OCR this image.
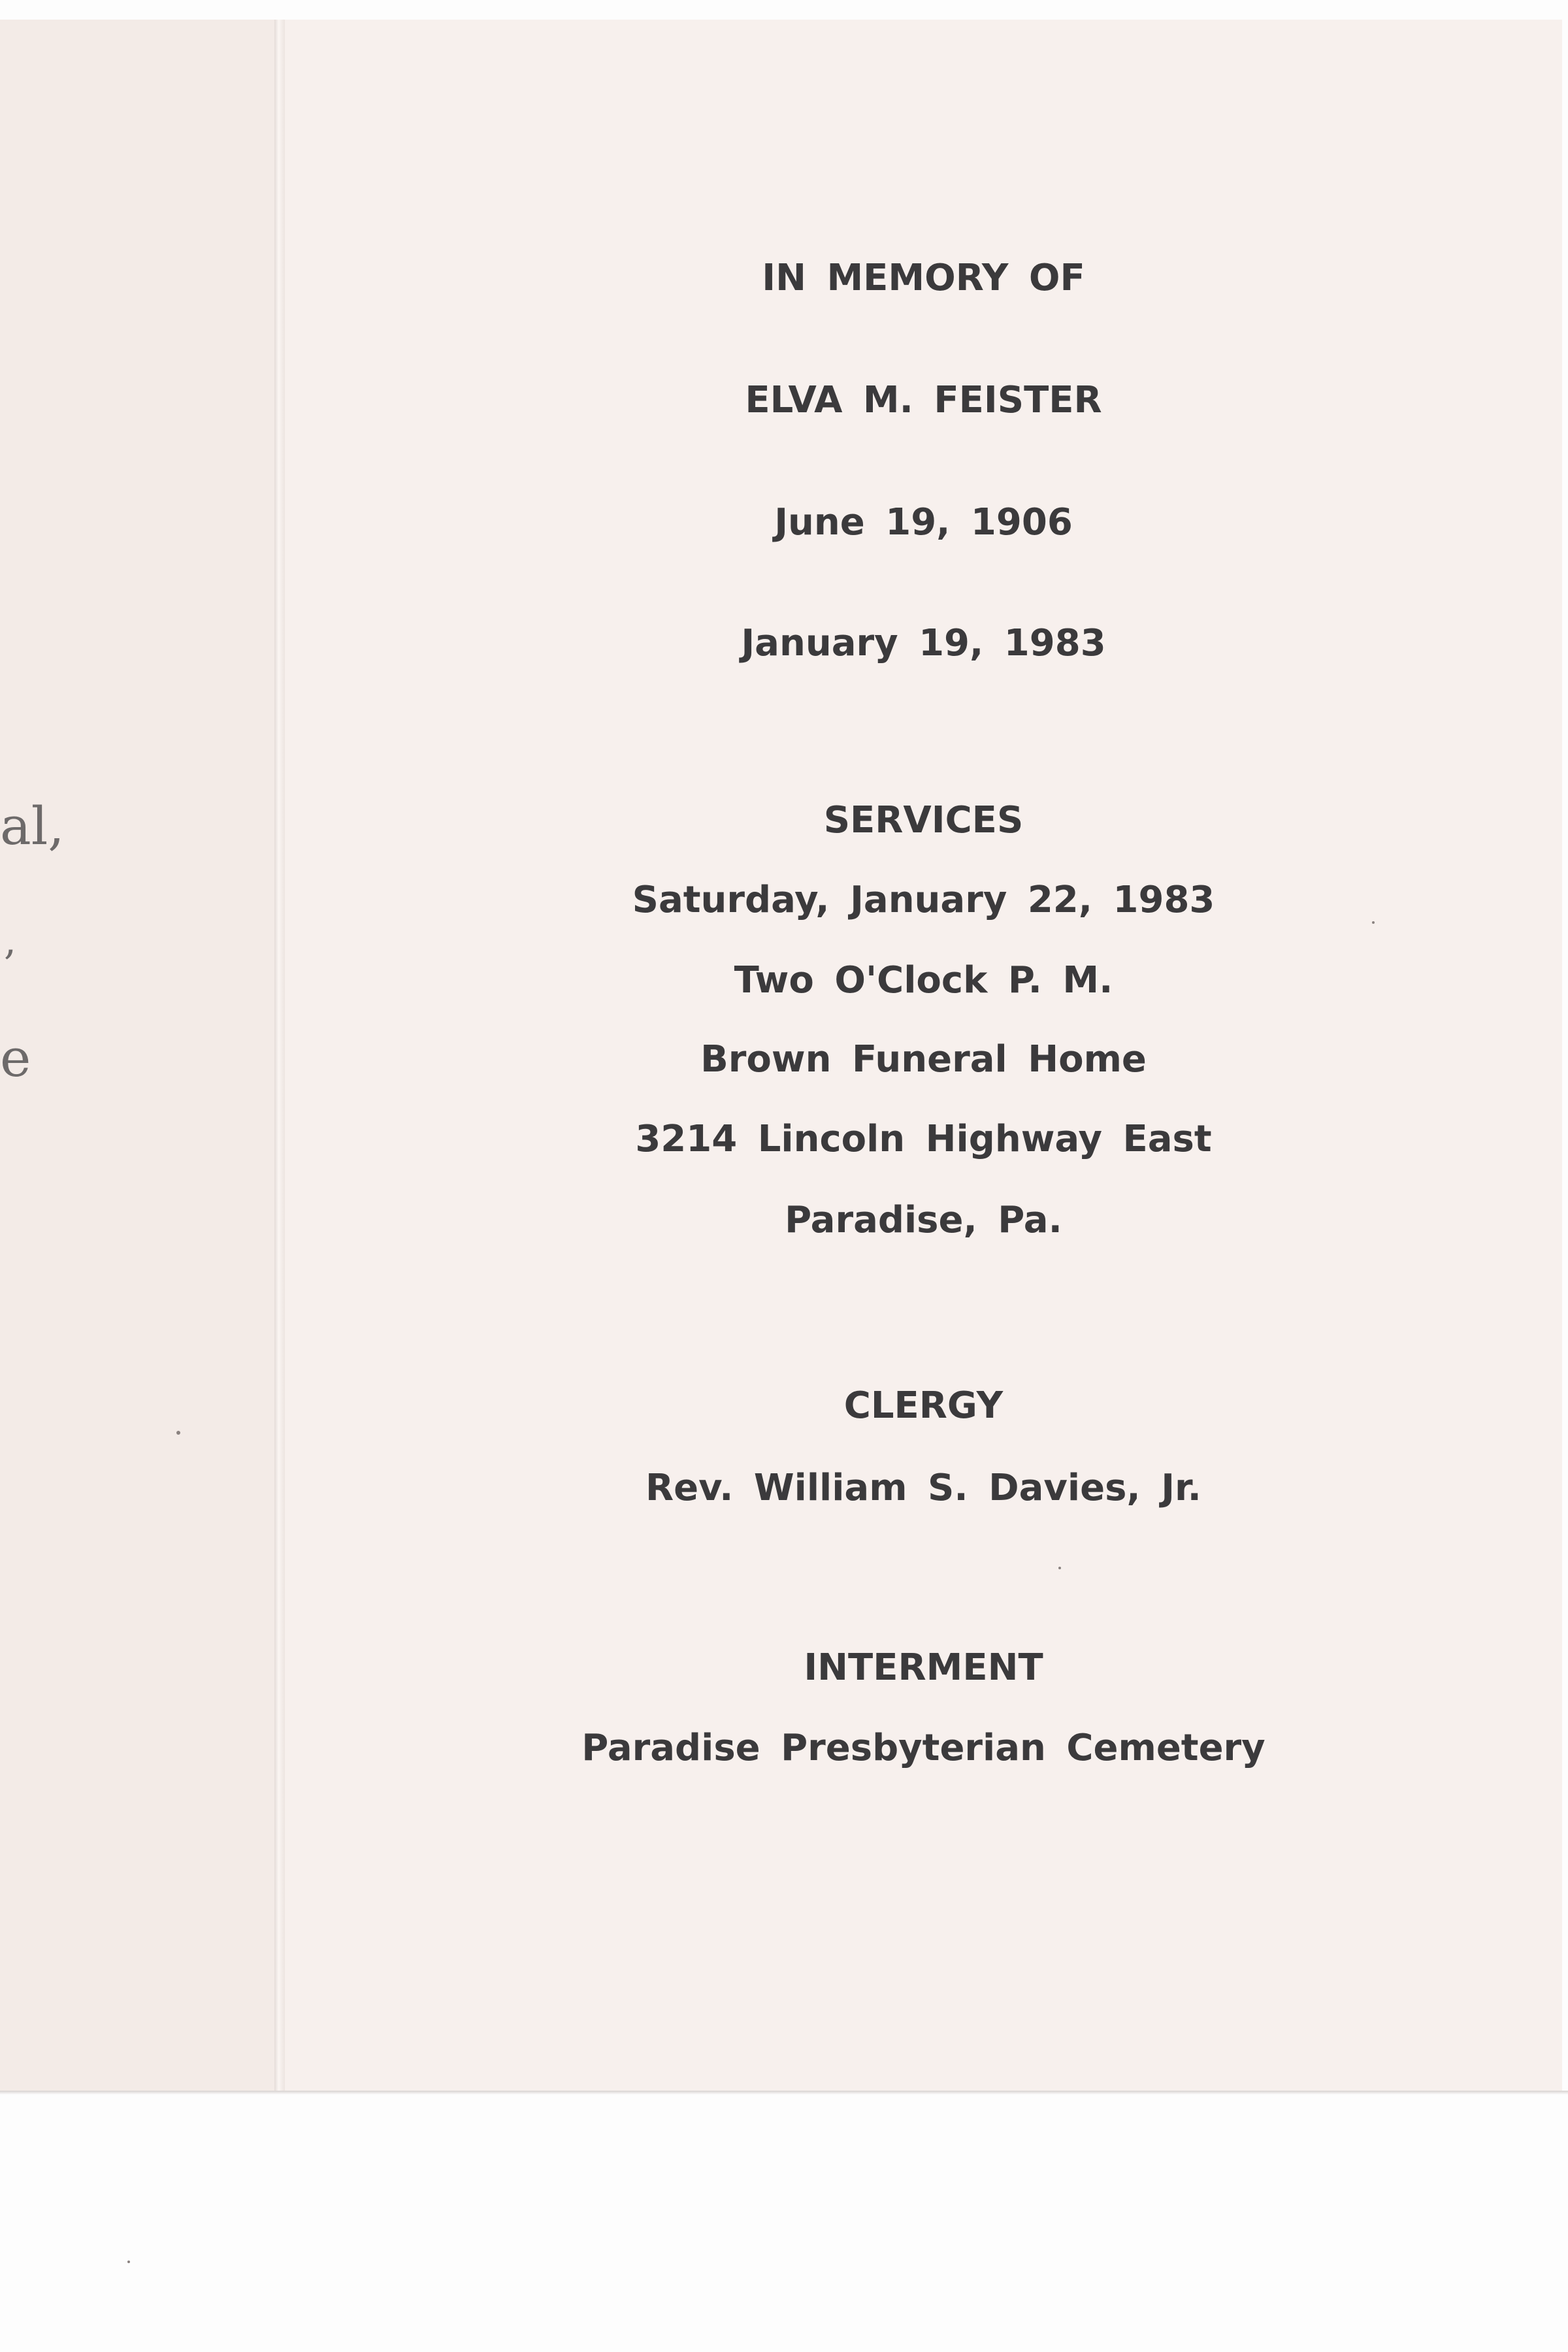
al,
,
e
IN MEMORY OF
ELVA M. FEISTER
June 19, 1906
January 19, 1983
SERVICES
Saturday, January 22, 1983
Two O'Clock P. M.
Brown Funeral Home
3214 Lincoln Highway East
Paradise, Pa.
CLERGY
Rev. William S. Davies, Jr.
INTERMENT
Paradise Presbyterian Cemetery
